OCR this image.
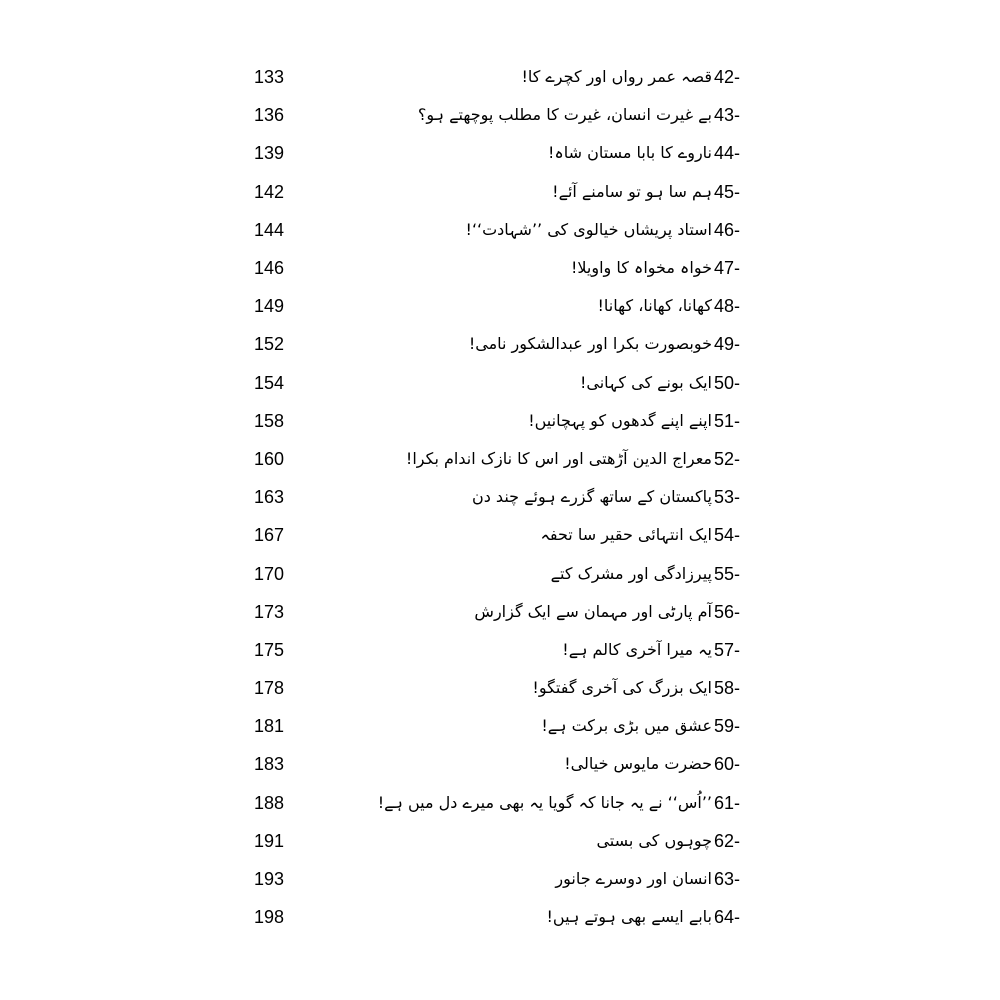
133	قصہ عمر رواں اور کچرے کا! 42-
136	بے غیرت انسان، غیرت کا مطلب پوچھتے ہو؟ 43-
139	ناروے کا بابا مستان شاہ! 44-
142	ہم سا ہو تو سامنے آئے! 45-
144	استاد پریشاں خیالوی کی ’’شہادت‘‘! 46-
146	خواہ مخواہ کا واویلا! 47-
149	کھانا، کھانا، کھانا! 48-
152	خوبصورت بکرا اور عبدالشکور نامی! 49-
154	ایک بونے کی کہانی! 50-
158	اپنے اپنے گدھوں کو پہچانیں! 51-
160	معراج الدین آڑھتی اور اس کا نازک اندام بکرا! 52-
163	پاکستان کے ساتھ گزرے ہوئے چند دن 53-
167	ایک انتہائی حقیر سا تحفہ 54-
170	پیرزادگی اور مشرک کتے 55-
173	آم پارٹی اور مہمان سے ایک گزارش 56-
175	یہ میرا آخری کالم ہے! 57-
178	ایک بزرگ کی آخری گفتگو! 58-
181	عشق میں بڑی برکت ہے! 59-
183	حضرت مایوس خیالی! 60-
188	’’اُس‘‘ نے یہ جانا کہ گویا یہ بھی میرے دل میں ہے! 61-
191	چوہوں کی بستی 62-
193	انسان اور دوسرے جانور 63-
198	بابے ایسے بھی ہوتے ہیں! 64-
